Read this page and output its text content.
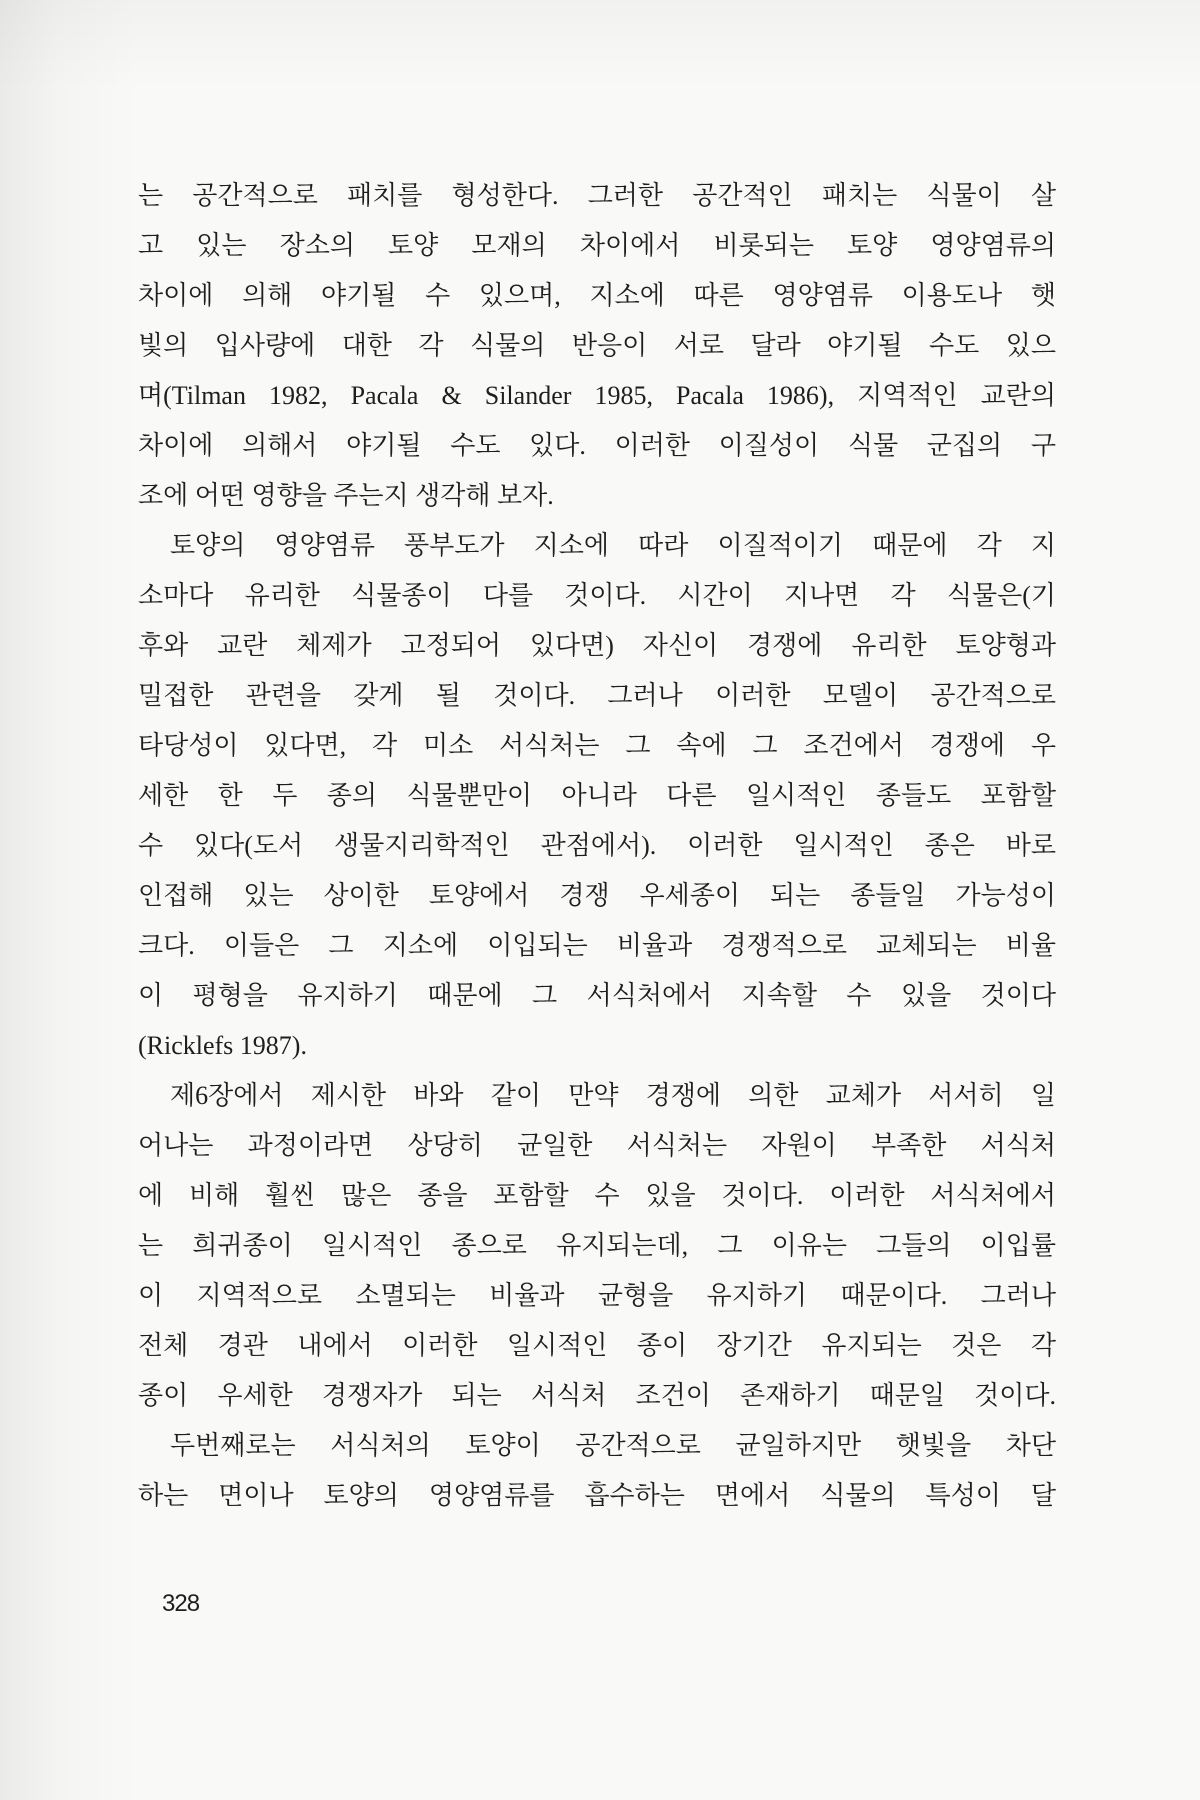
는 공간적으로 패치를 형성한다. 그러한 공간적인 패치는 식물이 살
고 있는 장소의 토양 모재의 차이에서 비롯되는 토양 영양염류의
차이에 의해 야기될 수 있으며, 지소에 따른 영양염류 이용도나 햇
빛의 입사량에 대한 각 식물의 반응이 서로 달라 야기될 수도 있으
며(Tilman 1982, Pacala & Silander 1985, Pacala 1986), 지역적인 교란의
차이에 의해서 야기될 수도 있다. 이러한 이질성이 식물 군집의 구
조에 어떤 영향을 주는지 생각해 보자.
토양의 영양염류 풍부도가 지소에 따라 이질적이기 때문에 각 지
소마다 유리한 식물종이 다를 것이다. 시간이 지나면 각 식물은(기
후와 교란 체제가 고정되어 있다면) 자신이 경쟁에 유리한 토양형과
밀접한 관련을 갖게 될 것이다. 그러나 이러한 모델이 공간적으로
타당성이 있다면, 각 미소 서식처는 그 속에 그 조건에서 경쟁에 우
세한 한 두 종의 식물뿐만이 아니라 다른 일시적인 종들도 포함할
수 있다(도서 생물지리학적인 관점에서). 이러한 일시적인 종은 바로
인접해 있는 상이한 토양에서 경쟁 우세종이 되는 종들일 가능성이
크다. 이들은 그 지소에 이입되는 비율과 경쟁적으로 교체되는 비율
이 평형을 유지하기 때문에 그 서식처에서 지속할 수 있을 것이다
(Ricklefs 1987).
제6장에서 제시한 바와 같이 만약 경쟁에 의한 교체가 서서히 일
어나는 과정이라면 상당히 균일한 서식처는 자원이 부족한 서식처
에 비해 훨씬 많은 종을 포함할 수 있을 것이다. 이러한 서식처에서
는 희귀종이 일시적인 종으로 유지되는데, 그 이유는 그들의 이입률
이 지역적으로 소멸되는 비율과 균형을 유지하기 때문이다. 그러나
전체 경관 내에서 이러한 일시적인 종이 장기간 유지되는 것은 각
종이 우세한 경쟁자가 되는 서식처 조건이 존재하기 때문일 것이다.
두번째로는 서식처의 토양이 공간적으로 균일하지만 햇빛을 차단
하는 면이나 토양의 영양염류를 흡수하는 면에서 식물의 특성이 달
328
